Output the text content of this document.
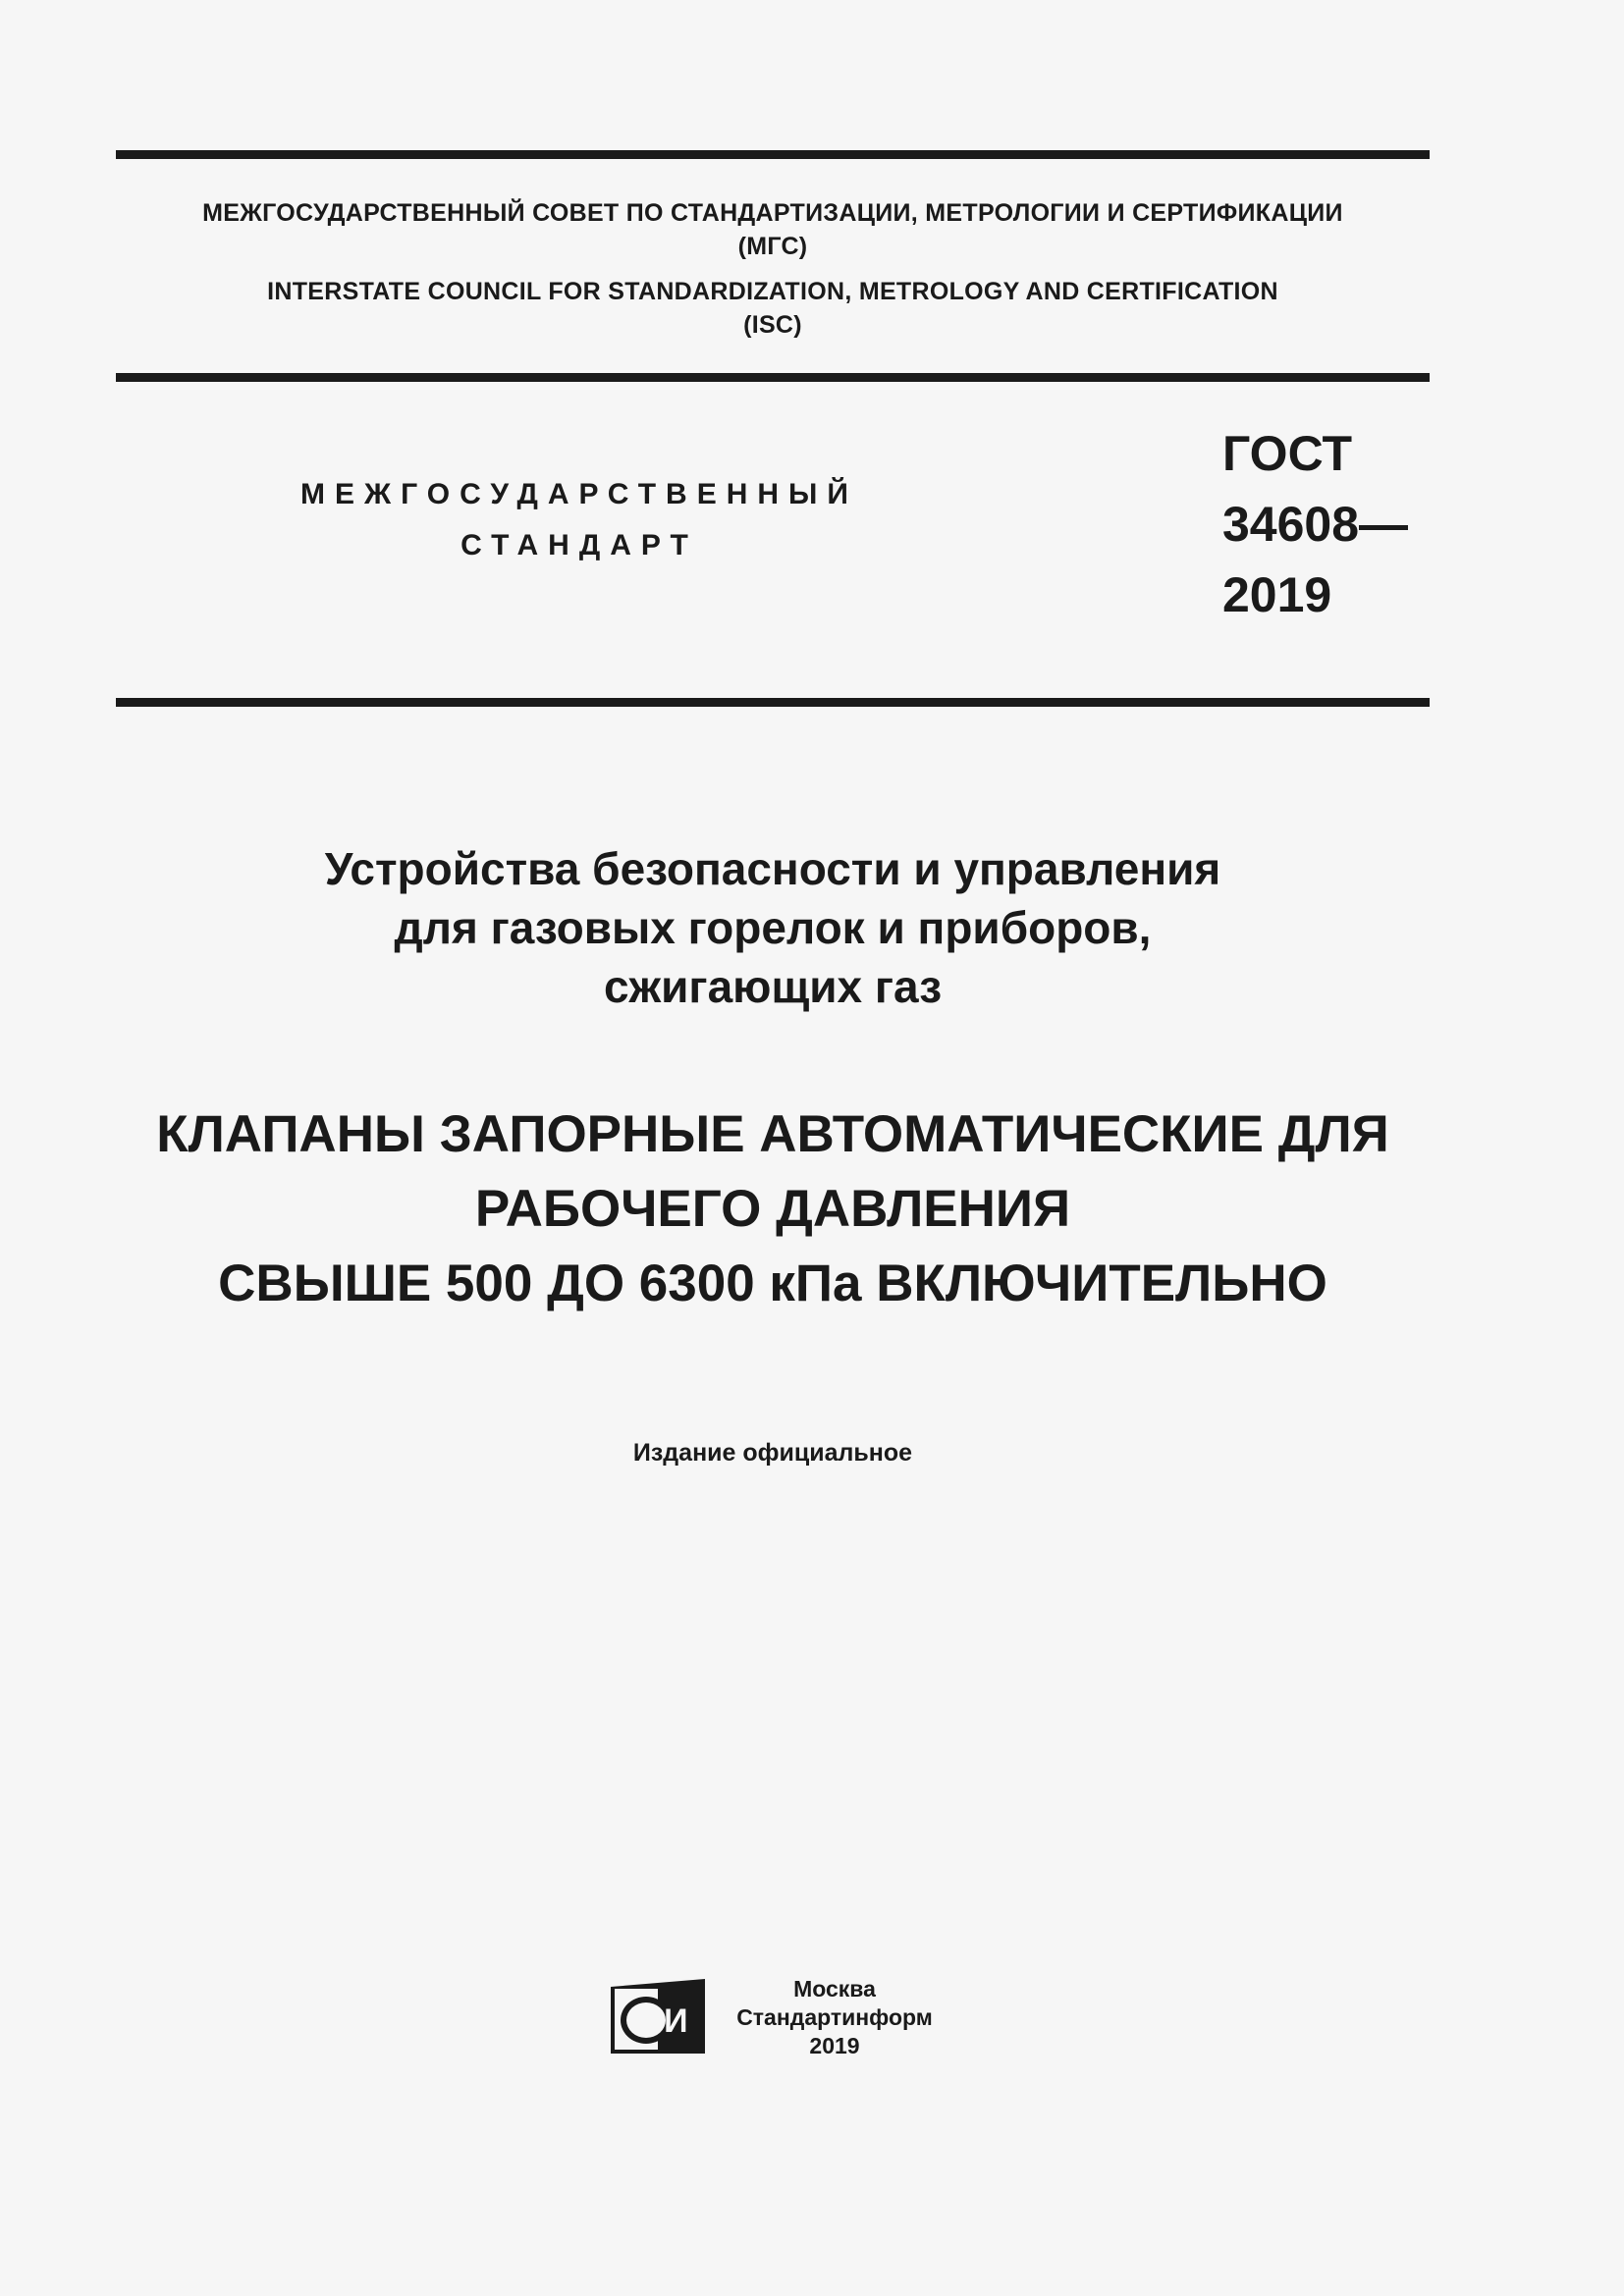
МЕЖГОСУДАРСТВЕННЫЙ СОВЕТ ПО СТАНДАРТИЗАЦИИ, МЕТРОЛОГИИ И СЕРТИФИКАЦИИ
(МГС)
INTERSTATE COUNCIL FOR STANDARDIZATION, METROLOGY AND CERTIFICATION
(ISC)
МЕЖГОСУДАРСТВЕННЫЙ
СТАНДАРТ
ГОСТ
34608—
2019
Устройства безопасности и управления
для газовых горелок и приборов,
сжигающих газ
КЛАПАНЫ ЗАПОРНЫЕ АВТОМАТИЧЕСКИЕ ДЛЯ
РАБОЧЕГО ДАВЛЕНИЯ
СВЫШЕ 500 ДО 6300 кПа ВКЛЮЧИТЕЛЬНО
Издание официальное
тИ
Москва
Стандартинформ
2019
